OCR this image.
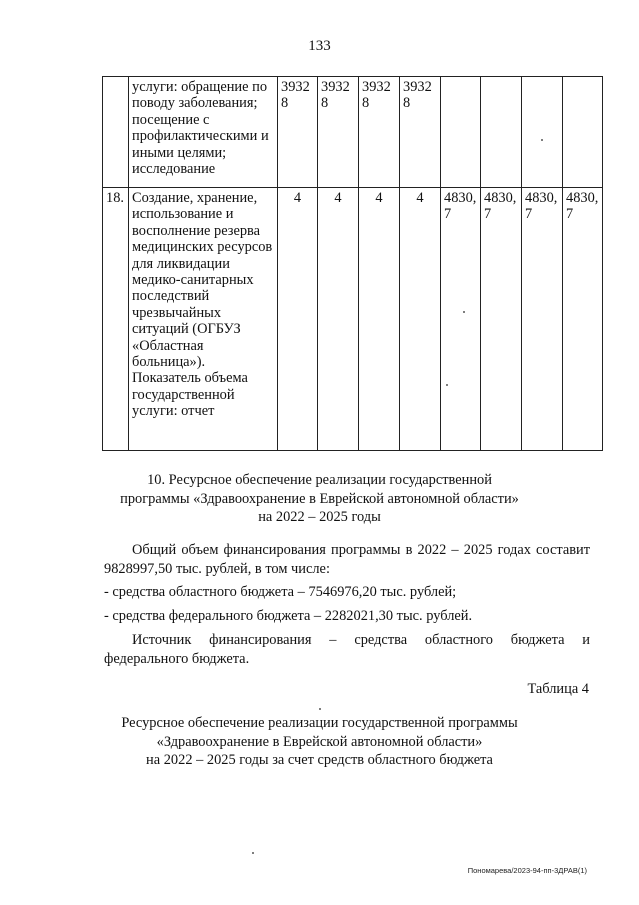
133
	услуги: обращение по поводу заболевания; посещение с профилактическими и иными целями; исследование	3932 8	3932 8	3932 8	3932 8				
18.	Создание, хранение, использование и восполнение резерва медицинских ресурсов для ликвидации медико-санитарных последствий чрезвычайных ситуаций (ОГБУЗ «Областная больница»). Показатель объема государственной услуги: отчет	4	4	4	4	4830, 7	4830, 7	4830, 7	4830, 7
10. Ресурсное обеспечение реализации государственной
программы «Здравоохранение в Еврейской автономной области»
на 2022 – 2025 годы
Общий объем финансирования программы в 2022 – 2025 годах составит 9828997,50 тыс. рублей, в том числе:
- средства областного бюджета – 7546976,20 тыс. рублей;
- средства федерального бюджета – 2282021,30 тыс. рублей.
Источник финансирования – средства областного бюджета и
федерального бюджета.
Таблица 4
Ресурсное обеспечение реализации государственной программы
«Здравоохранение в Еврейской автономной области»
на 2022 – 2025 годы за счет средств областного бюджета
Пономарева/2023-94-пп-3ДРАВ(1)
